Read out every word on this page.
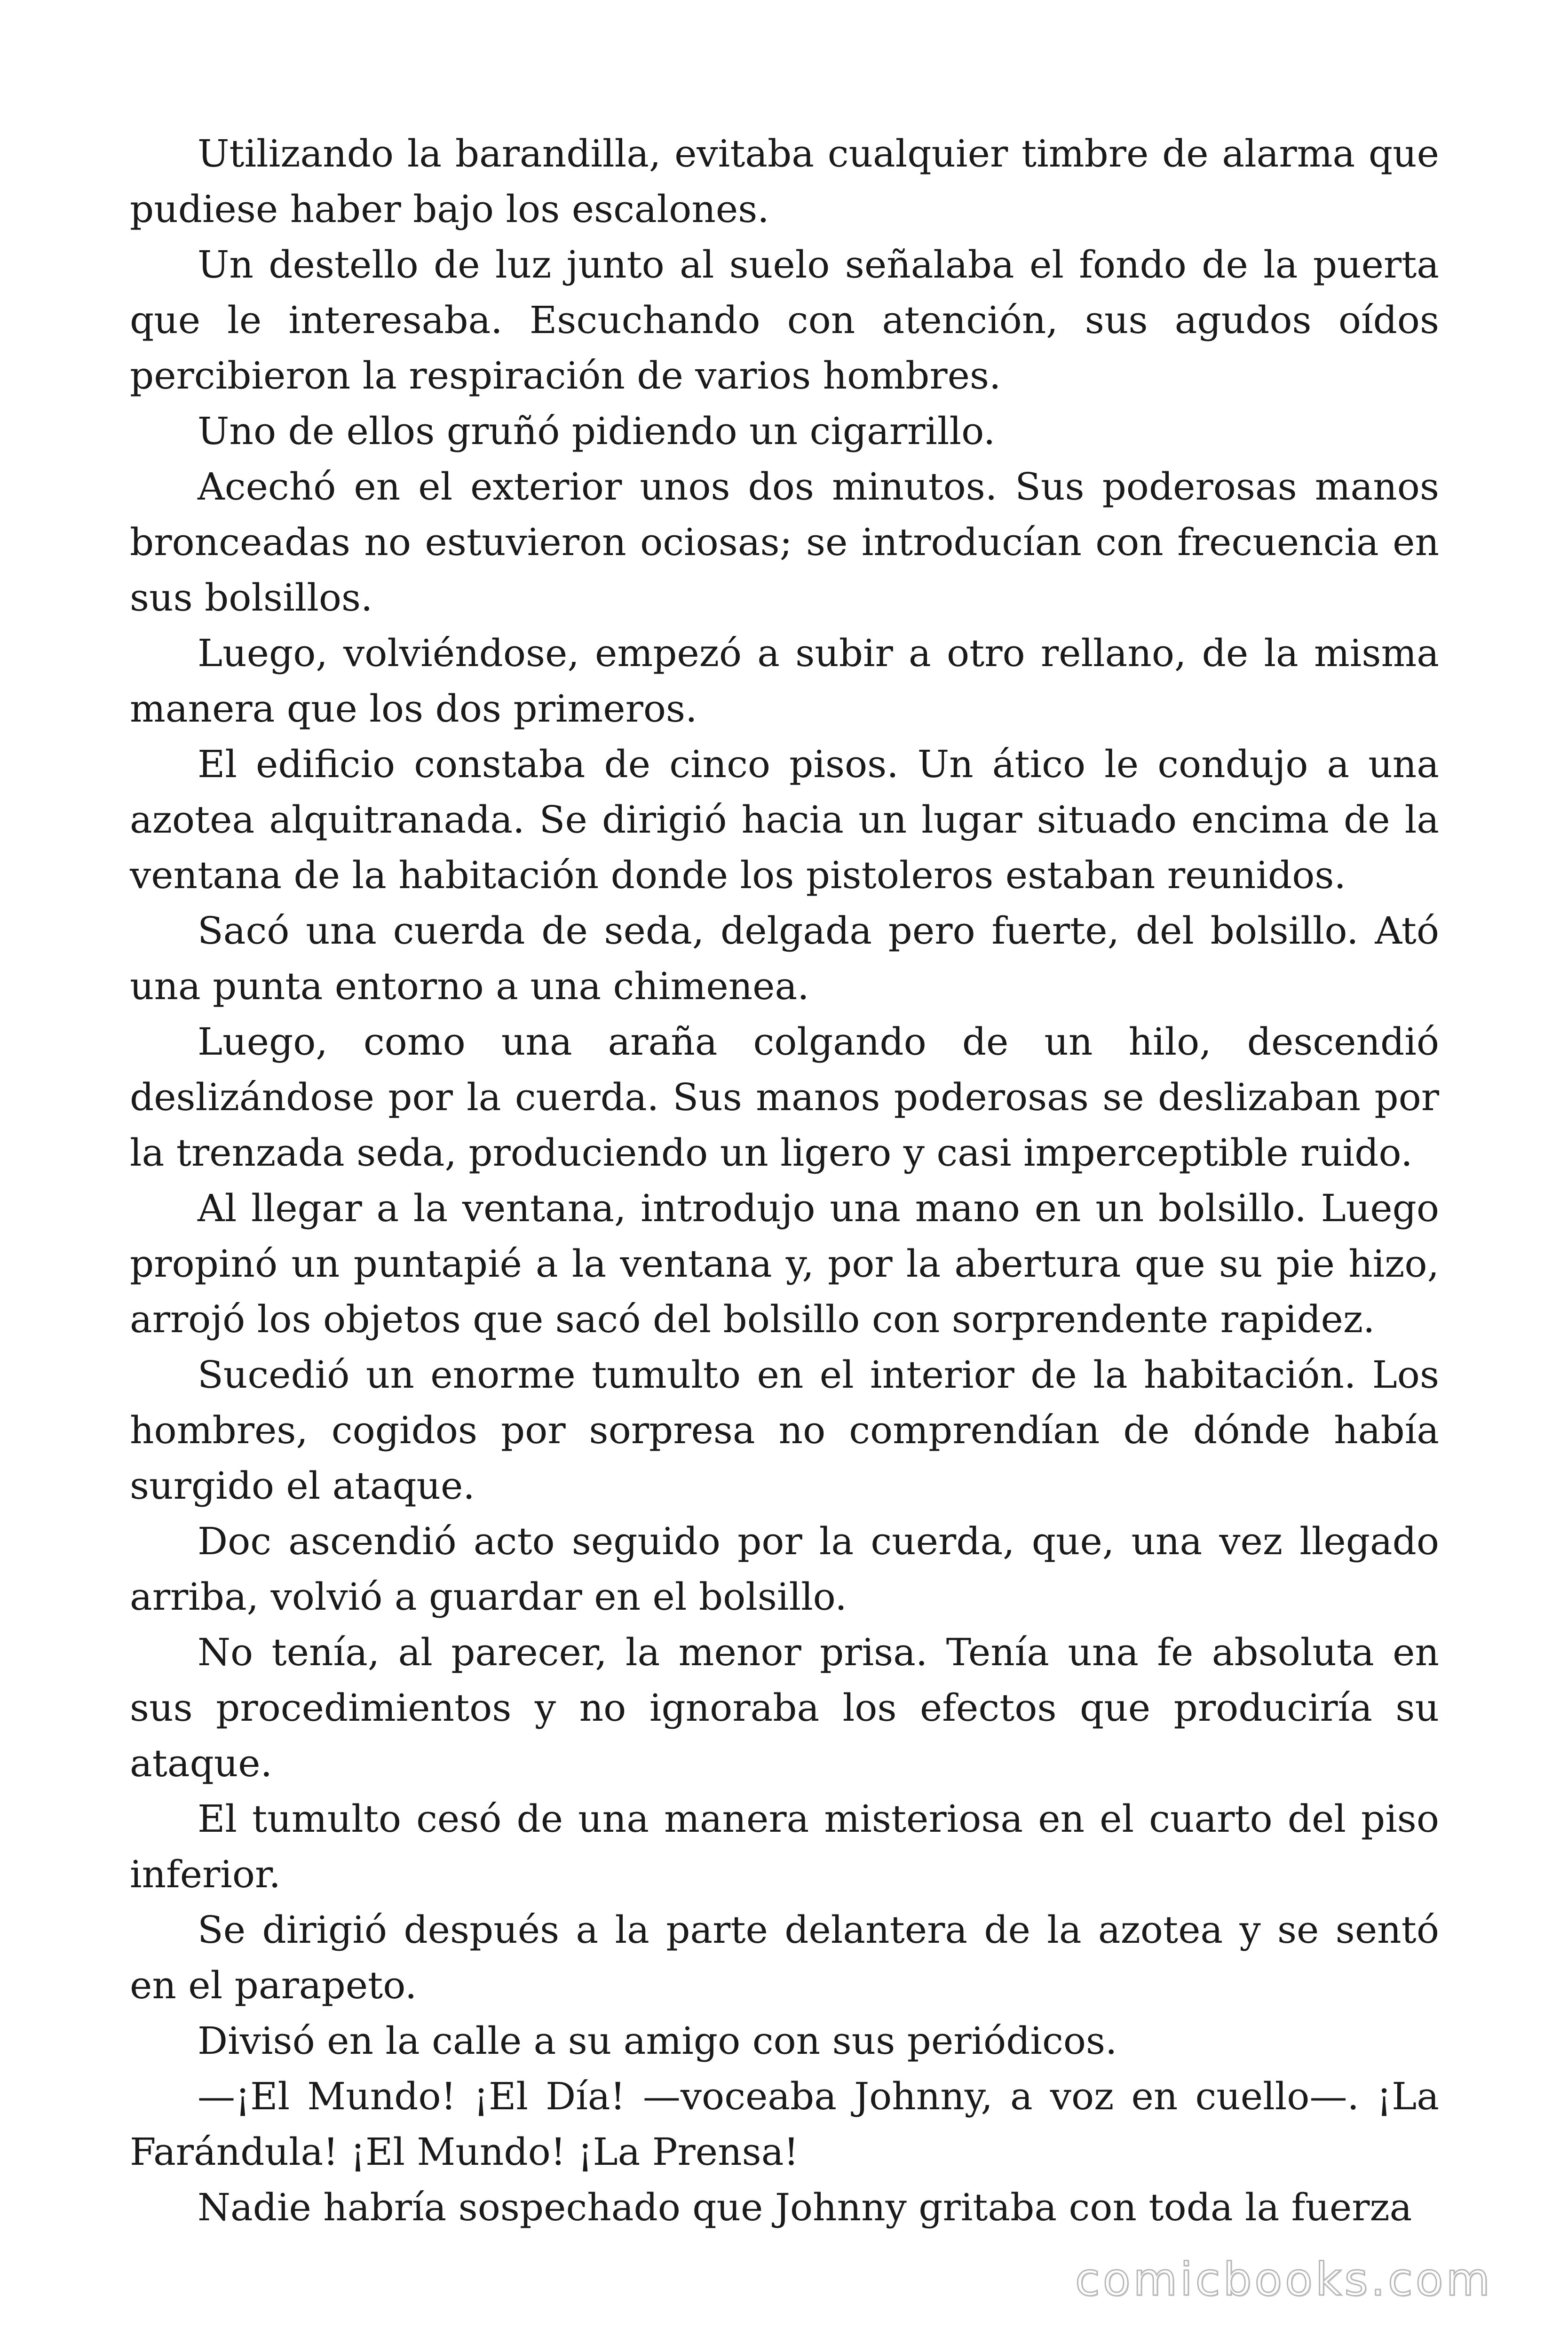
Utilizando la barandilla, evitaba cualquier timbre de alarma que pudiese haber bajo los escalones.

Un destello de luz junto al suelo señalaba el fondo de la puerta que le interesaba. Escuchando con atención, sus agudos oídos percibieron la respiración de varios hombres.

Uno de ellos gruñó pidiendo un cigarrillo.

Acechó en el exterior unos dos minutos. Sus poderosas manos bronceadas no estuvieron ociosas; se introducían con frecuencia en sus bolsillos.

Luego, volviéndose, empezó a subir a otro rellano, de la misma manera que los dos primeros.

El edificio constaba de cinco pisos. Un ático le condujo a una azotea alquitranada. Se dirigió hacia un lugar situado encima de la ventana de la habitación donde los pistoleros estaban reunidos.

Sacó una cuerda de seda, delgada pero fuerte, del bolsillo. Ató una punta entorno a una chimenea.

Luego, como una araña colgando de un hilo, descendió deslizándose por la cuerda. Sus manos poderosas se deslizaban por la trenzada seda, produciendo un ligero y casi imperceptible ruido.

Al llegar a la ventana, introdujo una mano en un bolsillo. Luego propinó un puntapié a la ventana y, por la abertura que su pie hizo, arrojó los objetos que sacó del bolsillo con sorprendente rapidez.

Sucedió un enorme tumulto en el interior de la habitación. Los hombres, cogidos por sorpresa no comprendían de dónde había surgido el ataque.

Doc ascendió acto seguido por la cuerda, que, una vez llegado arriba, volvió a guardar en el bolsillo.

No tenía, al parecer, la menor prisa. Tenía una fe absoluta en sus procedimientos y no ignoraba los efectos que produciría su ataque.

El tumulto cesó de una manera misteriosa en el cuarto del piso inferior.

Se dirigió después a la parte delantera de la azotea y se sentó en el parapeto.

Divisó en la calle a su amigo con sus periódicos.

—¡El Mundo! ¡El Día! —voceaba Johnny, a voz en cuello—. ¡La Farándula! ¡El Mundo! ¡La Prensa!

Nadie habría sospechado que Johnny gritaba con toda la fuerza

comicbooks.com
